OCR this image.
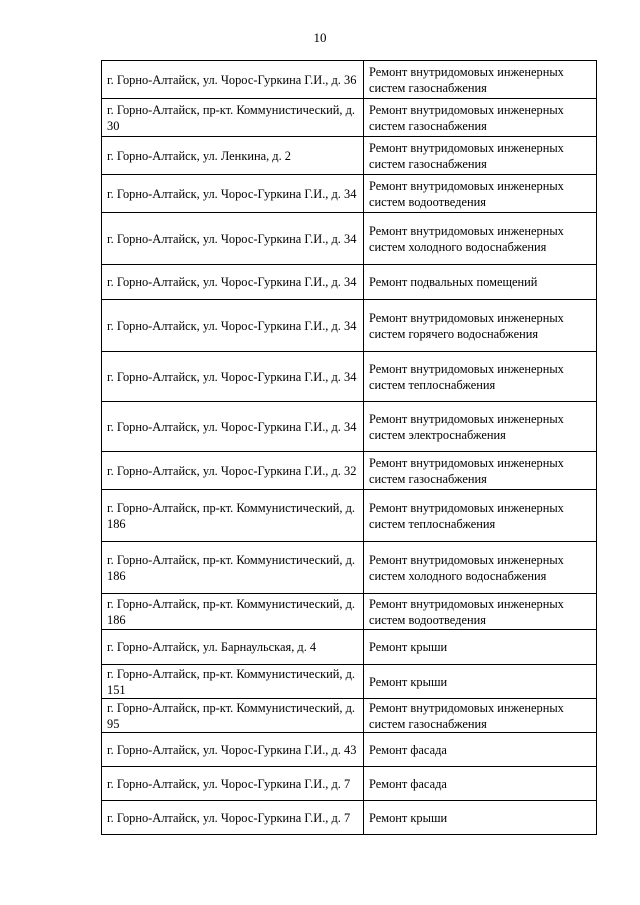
10
г. Горно-Алтайск, ул. Чорос-Гуркина Г.И., д. 36	Ремонт внутридомовых инженерных систем газоснабжения
г. Горно-Алтайск, пр-кт. Коммунистический, д. 30	Ремонт внутридомовых инженерных систем газоснабжения
г. Горно-Алтайск, ул. Ленкина, д. 2	Ремонт внутридомовых инженерных систем газоснабжения
г. Горно-Алтайск, ул. Чорос-Гуркина Г.И., д. 34	Ремонт внутридомовых инженерных систем водоотведения
г. Горно-Алтайск, ул. Чорос-Гуркина Г.И., д. 34	Ремонт внутридомовых инженерных систем холодного водоснабжения
г. Горно-Алтайск, ул. Чорос-Гуркина Г.И., д. 34	Ремонт подвальных помещений
г. Горно-Алтайск, ул. Чорос-Гуркина Г.И., д. 34	Ремонт внутридомовых инженерных систем горячего водоснабжения
г. Горно-Алтайск, ул. Чорос-Гуркина Г.И., д. 34	Ремонт внутридомовых инженерных систем теплоснабжения
г. Горно-Алтайск, ул. Чорос-Гуркина Г.И., д. 34	Ремонт внутридомовых инженерных систем электроснабжения
г. Горно-Алтайск, ул. Чорос-Гуркина Г.И., д. 32	Ремонт внутридомовых инженерных систем газоснабжения
г. Горно-Алтайск, пр-кт. Коммунистический, д. 186	Ремонт внутридомовых инженерных систем теплоснабжения
г. Горно-Алтайск, пр-кт. Коммунистический, д. 186	Ремонт внутридомовых инженерных систем холодного водоснабжения
г. Горно-Алтайск, пр-кт. Коммунистический, д. 186	Ремонт внутридомовых инженерных систем водоотведения
г. Горно-Алтайск, ул. Барнаульская, д. 4	Ремонт крыши
г. Горно-Алтайск, пр-кт. Коммунистический, д. 151	Ремонт крыши
г. Горно-Алтайск, пр-кт. Коммунистический, д. 95	Ремонт внутридомовых инженерных систем газоснабжения
г. Горно-Алтайск, ул. Чорос-Гуркина Г.И., д. 43	Ремонт фасада
г. Горно-Алтайск, ул. Чорос-Гуркина Г.И., д. 7	Ремонт фасада
г. Горно-Алтайск, ул. Чорос-Гуркина Г.И., д. 7	Ремонт крыши
